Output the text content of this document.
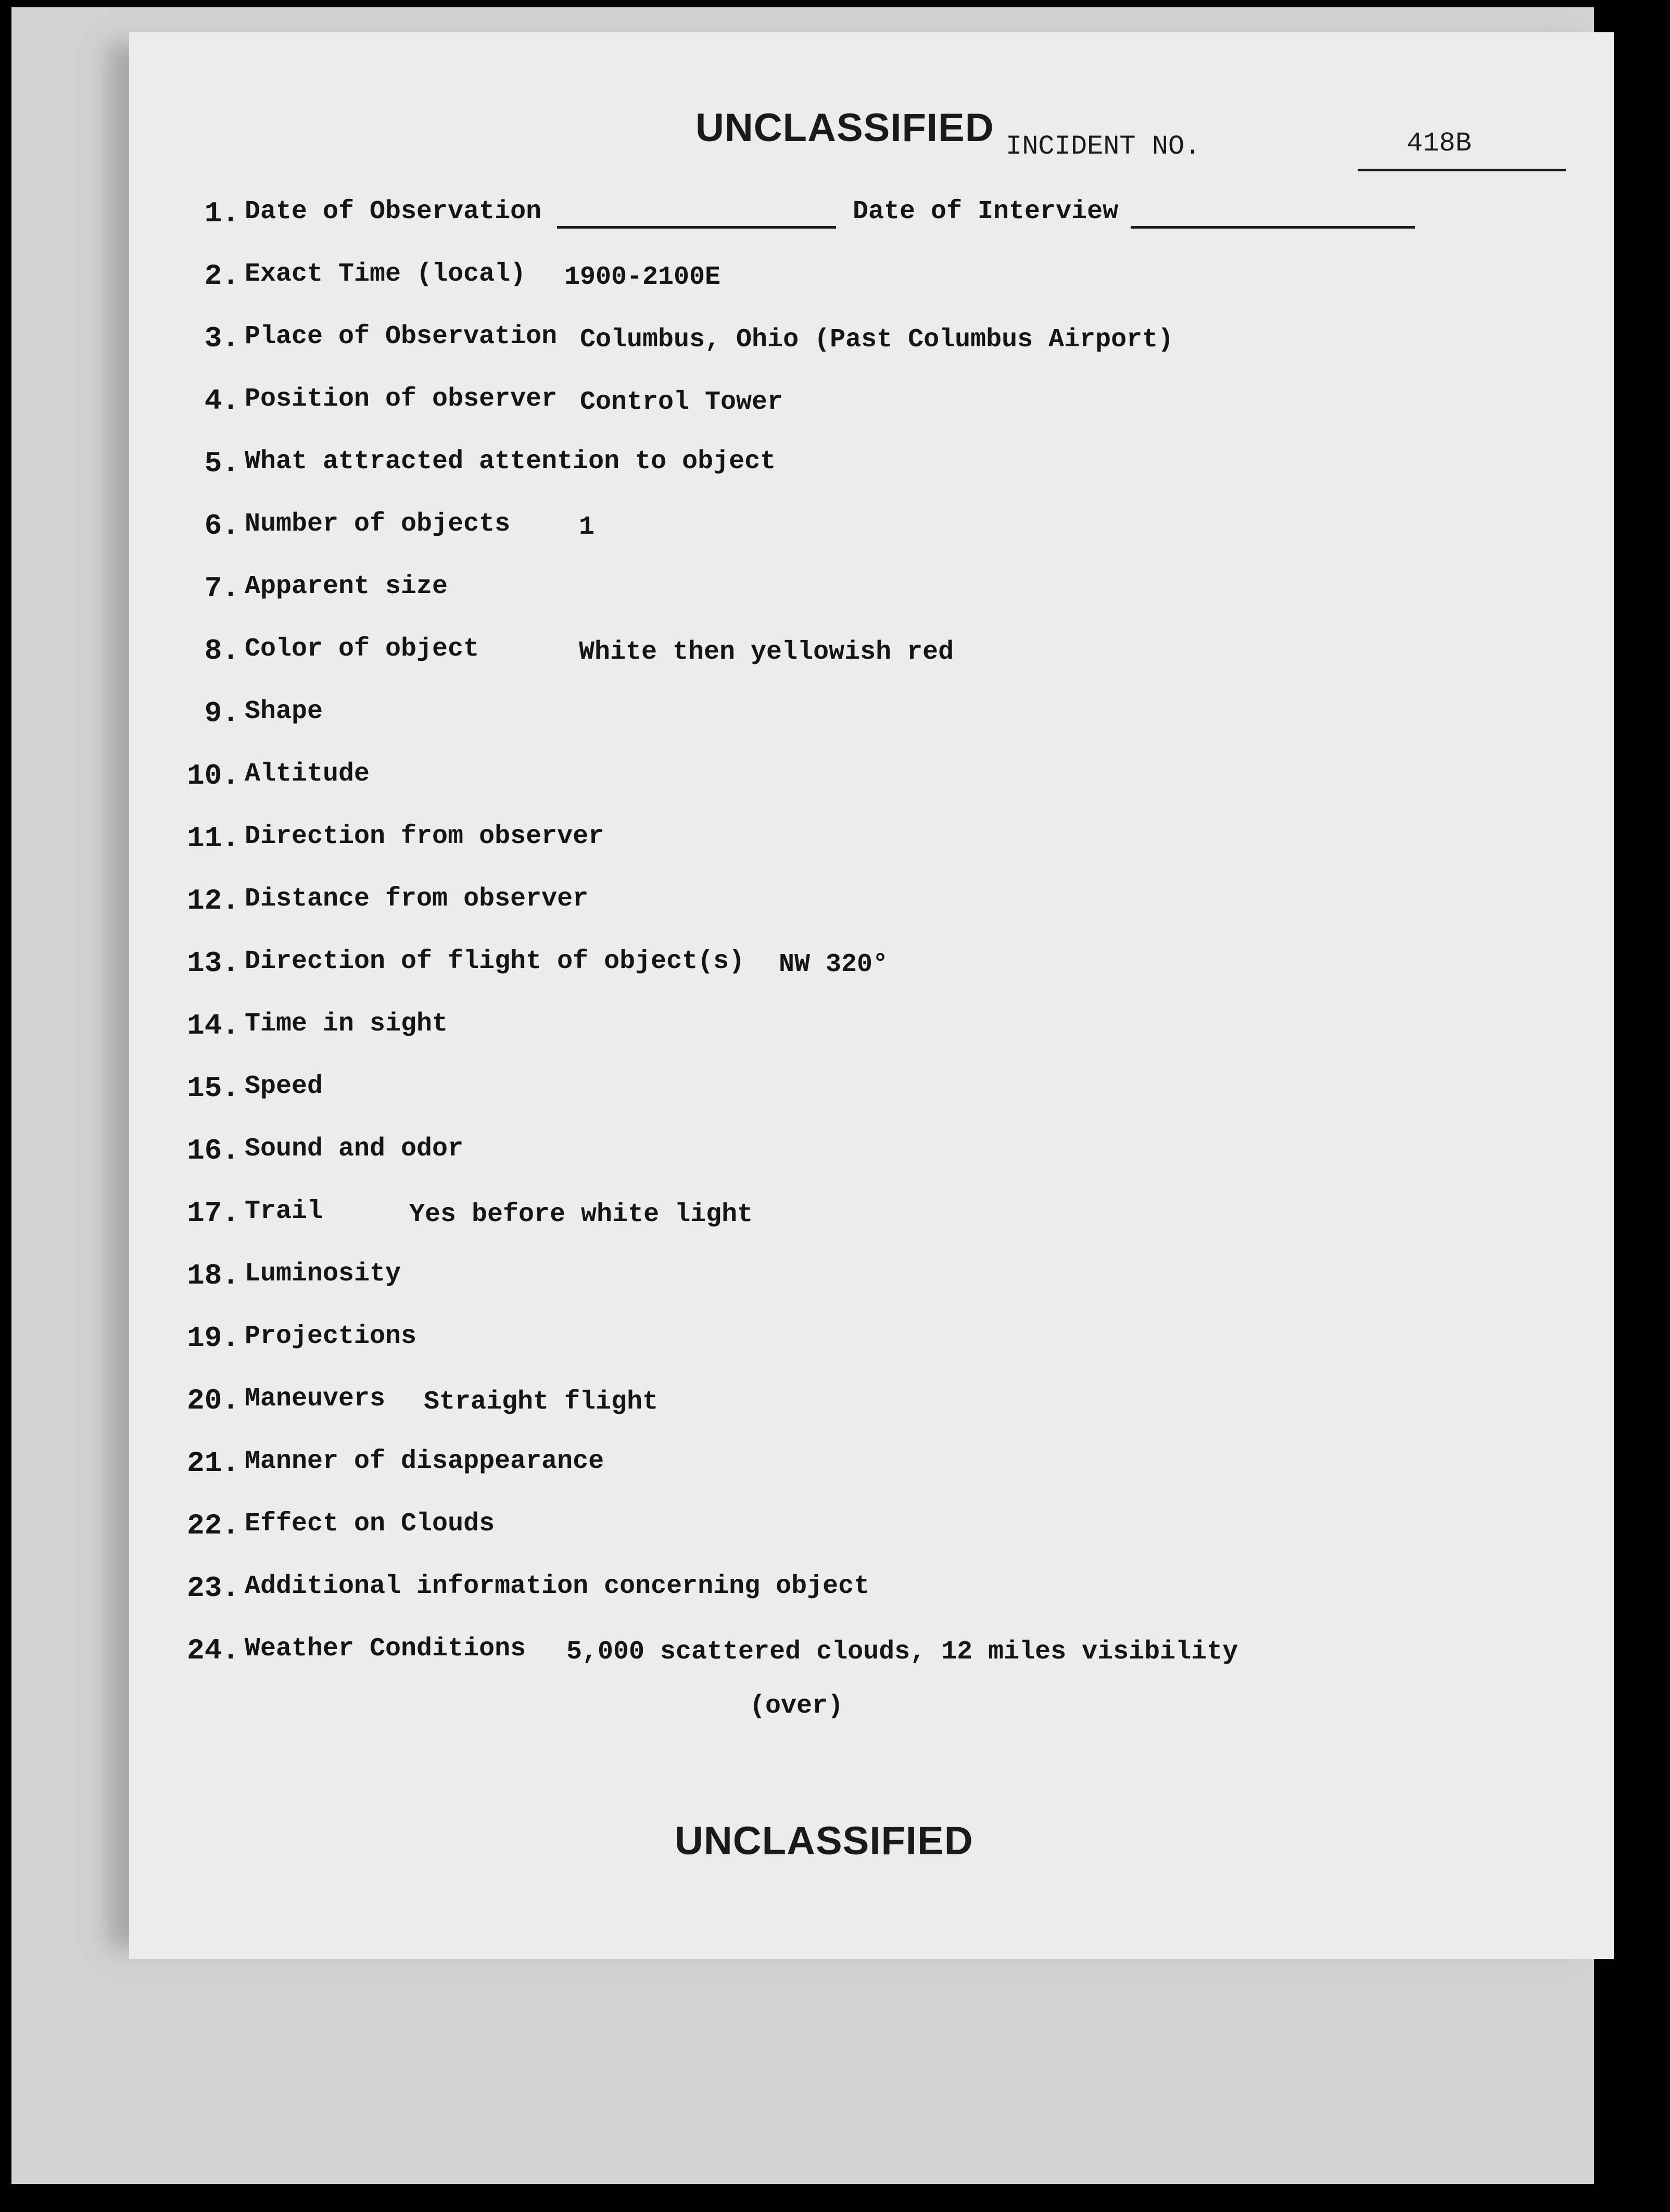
UNCLASSIFIED INCIDENT NO.	418B
1. Date of Observation	Date of Interview
2. Exact Time (local) 1900-2100E
3. Place of Observation Columbus, Ohio (Past Columbus Airport)
4. Position of observer Control Tower
5. What attracted attention to object
6. Number of objects	1
7. Apparent size
8. Color of object	White then yellowish red
9. Shape
10. Altitude
11. Direction from observer
12. Distance from observer
13. Direction of flight of object(s) NW 320°
14. Time in sight
15. Speed
16. Sound and odor
17. Trail	Yes before white light
18. Luminosity
19. Projections
20. Maneuvers Straight flight
21. Manner of disappearance
22. Effect on Clouds
23. Additional information concerning object
24. Weather Conditions 5,000 scattered clouds, 12 miles visibility
(over)
UNCLASSIFIED
